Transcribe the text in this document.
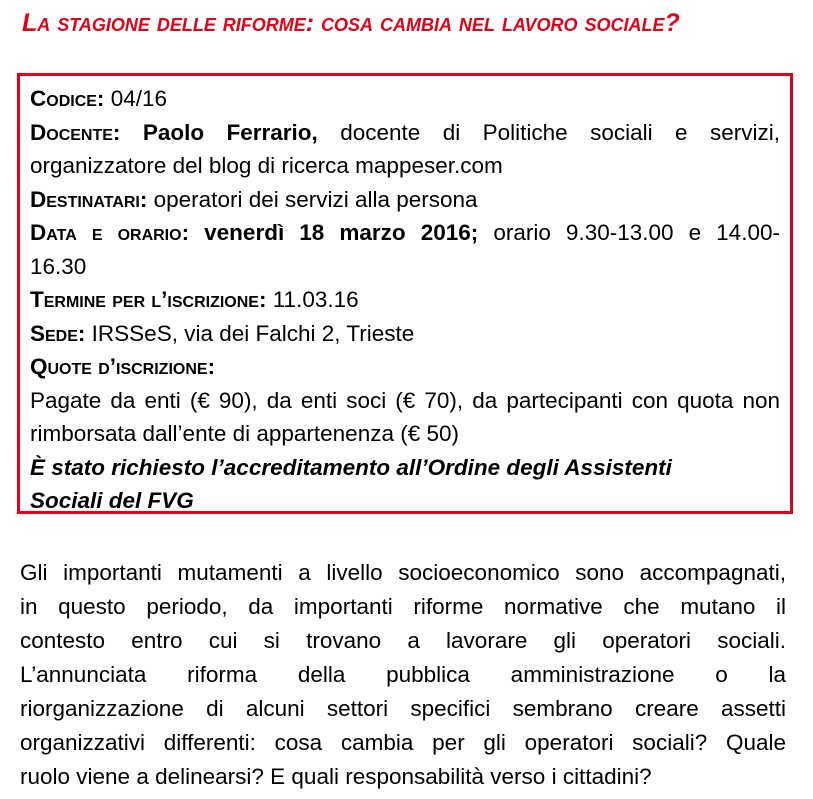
La stagione delle riforme: cosa cambia nel lavoro sociale?
Codice: 04/16
Docente: Paolo Ferrario, docente di Politiche sociali e servizi,
organizzatore del blog di ricerca mappeser.com
Destinatari: operatori dei servizi alla persona
Data e orario: venerdì 18 marzo 2016; orario 9.30-13.00 e 14.00-
16.30
Termine per l’iscrizione: 11.03.16
Sede: IRSSeS, via dei Falchi 2, Trieste
Quote d’iscrizione:
Pagate da enti (€ 90), da enti soci (€ 70), da partecipanti con quota non
rimborsata dall’ente di appartenenza (€ 50)
È stato richiesto l’accreditamento all’Ordine degli Assistenti
Sociali del FVG
Gli importanti mutamenti a livello socioeconomico sono accompagnati,
in questo periodo, da importanti riforme normative che mutano il
contesto entro cui si trovano a lavorare gli operatori sociali.
L’annunciata riforma della pubblica amministrazione o la
riorganizzazione di alcuni settori specifici sembrano creare assetti
organizzativi differenti: cosa cambia per gli operatori sociali? Quale
ruolo viene a delinearsi? E quali responsabilità verso i cittadini?
